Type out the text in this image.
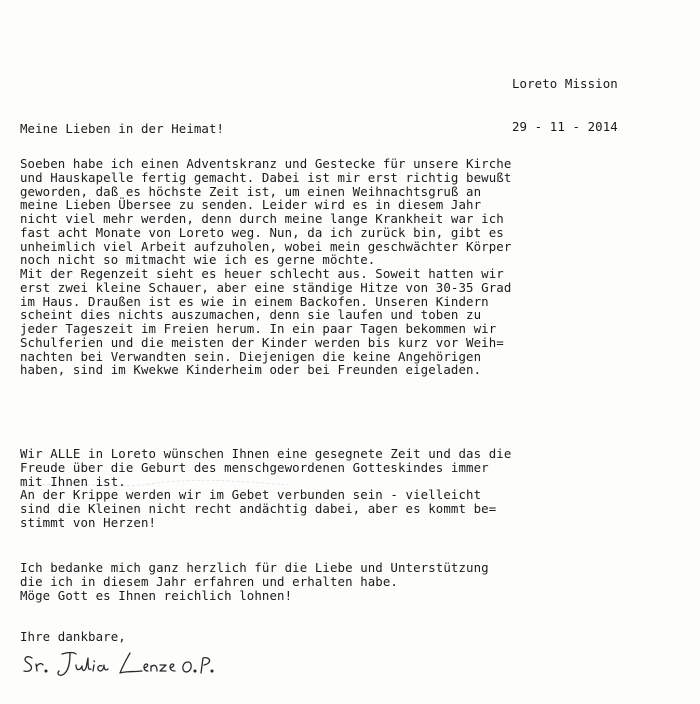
Loreto Mission

29 - 11 - 2014

Meine Lieben in der Heimat!
Soeben habe ich einen Adventskranz und Gestecke für unsere Kirche
und Hauskapelle fertig gemacht. Dabei ist mir erst richtig bewußt
geworden, daß es höchste Zeit ist, um einen Weihnachtsgruß an
meine Lieben Übersee zu senden. Leider wird es in diesem Jahr
nicht viel mehr werden, denn durch meine lange Krankheit war ich
fast acht Monate von Loreto weg. Nun, da ich zurück bin, gibt es
unheimlich viel Arbeit aufzuholen, wobei mein geschwächter Körper
noch nicht so mitmacht wie ich es gerne möchte.
Mit der Regenzeit sieht es heuer schlecht aus. Soweit hatten wir
erst zwei kleine Schauer, aber eine ständige Hitze von 30-35 Grad
im Haus. Draußen ist es wie in einem Backofen. Unseren Kindern
scheint dies nichts auszumachen, denn sie laufen und toben zu
jeder Tageszeit im Freien herum. In ein paar Tagen bekommen wir
Schulferien und die meisten der Kinder werden bis kurz vor Weih=
nachten bei Verwandten sein. Diejenigen die keine Angehörigen
haben, sind im Kwekwe Kinderheim oder bei Freunden eigeladen.
Wir ALLE in Loreto wünschen Ihnen eine gesegnete Zeit und das die
Freude über die Geburt des menschgewordenen Gotteskindes immer
mit Ihnen ist.
An der Krippe werden wir im Gebet verbunden sein - vielleicht
sind die Kleinen nicht recht andächtig dabei, aber es kommt be=
stimmt von Herzen!
Ich bedanke mich ganz herzlich für die Liebe und Unterstützung
die ich in diesem Jahr erfahren und erhalten habe.
Möge Gott es Ihnen reichlich lohnen!
Ihre dankbare,
